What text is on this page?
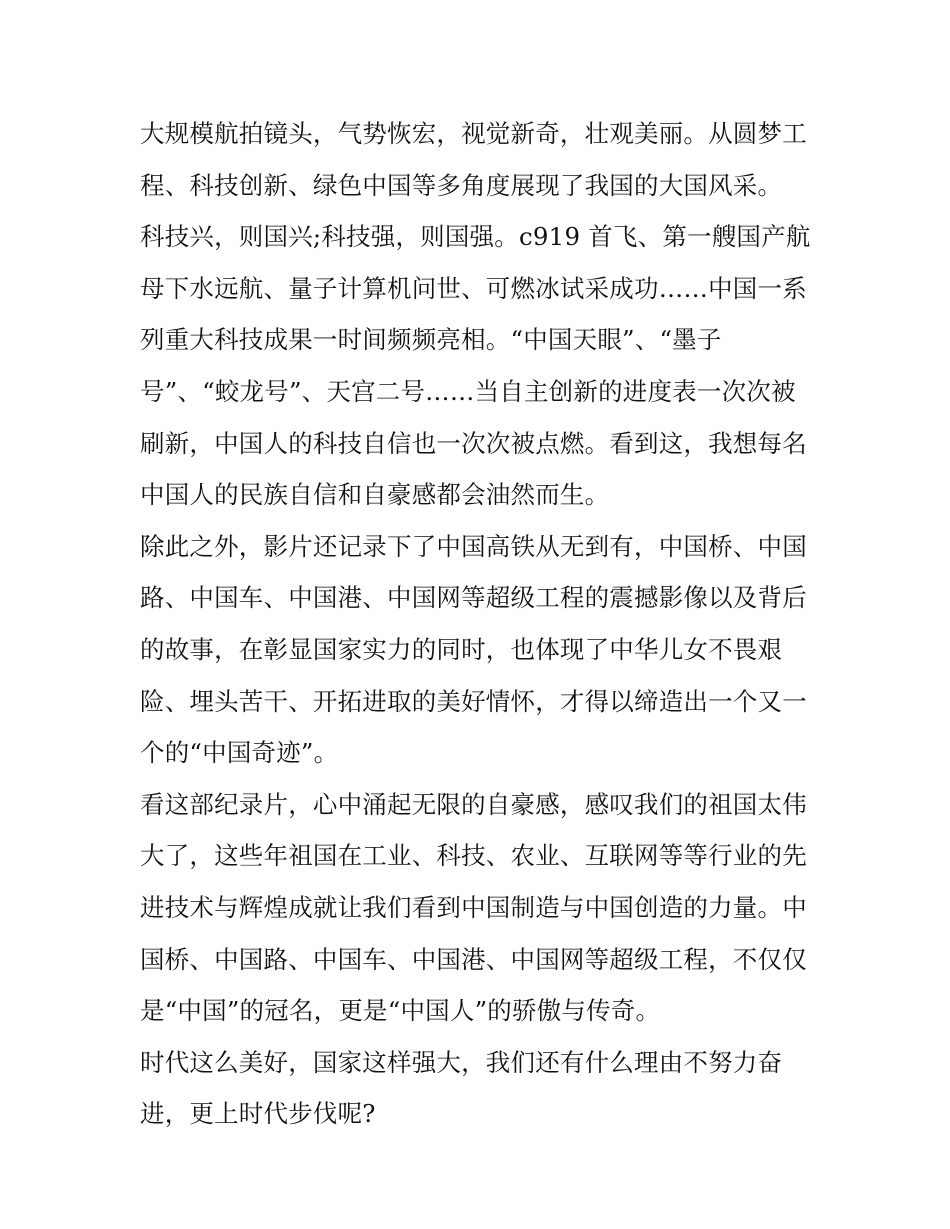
大规模航拍镜头，气势恢宏，视觉新奇，壮观美丽。从圆梦工
程、科技创新、绿色中国等多角度展现了我国的大国风采。
科技兴，则国兴;科技强，则国强。c919 首飞、第一艘国产航
母下水远航、量子计算机问世、可燃冰试采成功……中国一系
列重大科技成果一时间频频亮相。“中国天眼”、“墨子
号”、“蛟龙号”、天宫二号……当自主创新的进度表一次次被
刷新，中国人的科技自信也一次次被点燃。看到这，我想每名
中国人的民族自信和自豪感都会油然而生。
除此之外，影片还记录下了中国高铁从无到有，中国桥、中国
路、中国车、中国港、中国网等超级工程的震撼影像以及背后
的故事，在彰显国家实力的同时，也体现了中华儿女不畏艰
险、埋头苦干、开拓进取的美好情怀，才得以缔造出一个又一
个的“中国奇迹”。
看这部纪录片，心中涌起无限的自豪感，感叹我们的祖国太伟
大了，这些年祖国在工业、科技、农业、互联网等等行业的先
进技术与辉煌成就让我们看到中国制造与中国创造的力量。中
国桥、中国路、中国车、中国港、中国网等超级工程，不仅仅
是“中国”的冠名，更是“中国人”的骄傲与传奇。
时代这么美好，国家这样强大，我们还有什么理由不努力奋
进，更上时代步伐呢?
